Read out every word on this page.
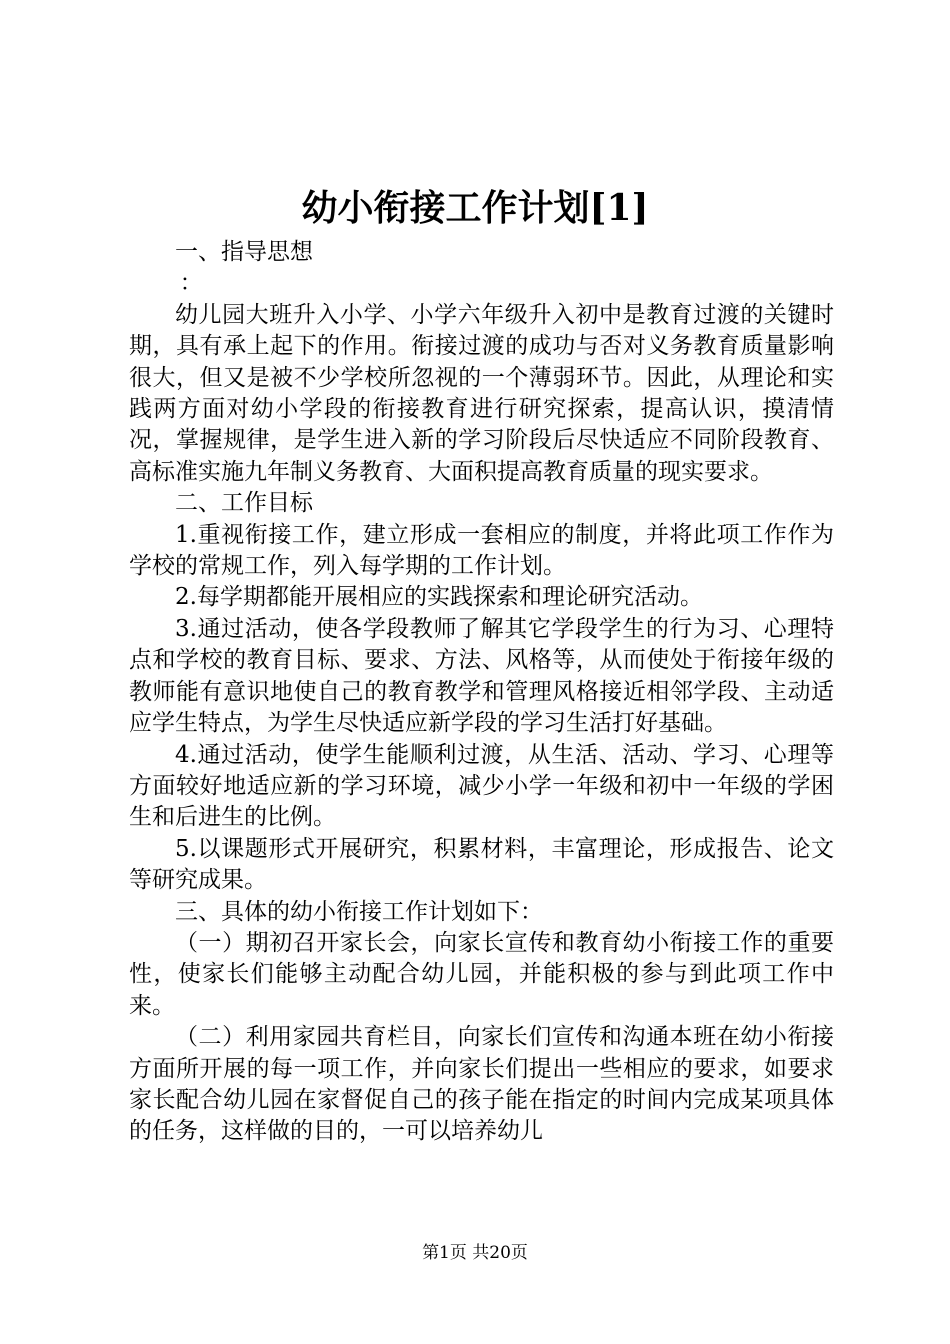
幼小衔接工作计划[1]

一、指导思想

：

幼儿园大班升入小学、小学六年级升入初中是教育过渡的关键时期，具有承上起下的作用。衔接过渡的成功与否对义务教育质量影响很大，但又是被不少学校所忽视的一个薄弱环节。因此，从理论和实践两方面对幼小学段的衔接教育进行研究探索，提高认识，摸清情况，掌握规律，是学生进入新的学习阶段后尽快适应不同阶段教育、高标准实施九年制义务教育、大面积提高教育质量的现实要求。

二、工作目标

1.重视衔接工作，建立形成一套相应的制度，并将此项工作作为学校的常规工作，列入每学期的工作计划。

2.每学期都能开展相应的实践探索和理论研究活动。

3.通过活动，使各学段教师了解其它学段学生的行为习、心理特点和学校的教育目标、要求、方法、风格等，从而使处于衔接年级的教师能有意识地使自己的教育教学和管理风格接近相邻学段、主动适应学生特点，为学生尽快适应新学段的学习生活打好基础。

4.通过活动，使学生能顺利过渡，从生活、活动、学习、心理等方面较好地适应新的学习环境，减少小学一年级和初中一年级的学困生和后进生的比例。

5.以课题形式开展研究，积累材料，丰富理论，形成报告、论文等研究成果。

三、具体的幼小衔接工作计划如下：

（一）期初召开家长会，向家长宣传和教育幼小衔接工作的重要性，使家长们能够主动配合幼儿园，并能积极的参与到此项工作中来。

（二）利用家园共育栏目，向家长们宣传和沟通本班在幼小衔接方面所开展的每一项工作，并向家长们提出一些相应的要求，如要求家长配合幼儿园在家督促自己的孩子能在指定的时间内完成某项具体的任务，这样做的目的，一可以培养幼儿

第1页 共20页
